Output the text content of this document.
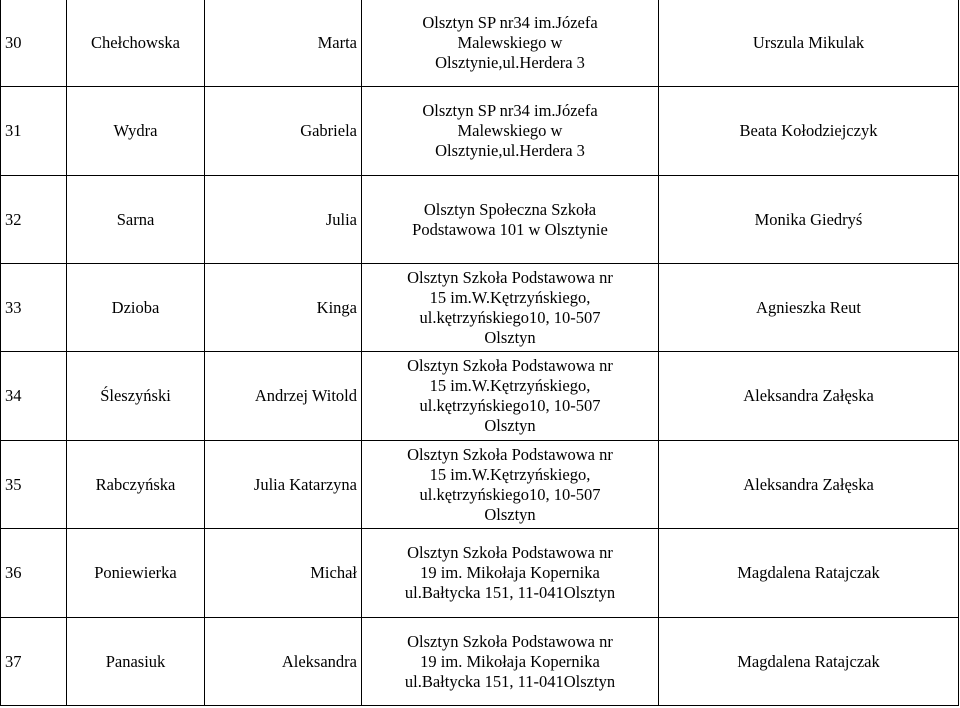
30	Chełchowska	Marta	Olsztyn SP nr34 im.Józefa Malewskiego w Olsztynie,ul.Herdera 3	Urszula Mikulak
31	Wydra	Gabriela	Olsztyn SP nr34 im.Józefa Malewskiego w Olsztynie,ul.Herdera 3	Beata Kołodziejczyk
32	Sarna	Julia	Olsztyn Społeczna Szkoła Podstawowa 101 w Olsztynie	Monika Giedryś
33	Dzioba	Kinga	Olsztyn Szkoła Podstawowa nr 15 im.W.Kętrzyńskiego, ul.kętrzyńskiego10, 10-507 Olsztyn	Agnieszka Reut
34	Śleszyński	Andrzej Witold	Olsztyn Szkoła Podstawowa nr 15 im.W.Kętrzyńskiego, ul.kętrzyńskiego10, 10-507 Olsztyn	Aleksandra Załęska
35	Rabczyńska	Julia Katarzyna	Olsztyn Szkoła Podstawowa nr 15 im.W.Kętrzyńskiego, ul.kętrzyńskiego10, 10-507 Olsztyn	Aleksandra Załęska
36	Poniewierka	Michał	Olsztyn Szkoła Podstawowa nr 19 im. Mikołaja Kopernika ul.Bałtycka 151, 11-041Olsztyn	Magdalena Ratajczak
37	Panasiuk	Aleksandra	Olsztyn Szkoła Podstawowa nr 19 im. Mikołaja Kopernika ul.Bałtycka 151, 11-041Olsztyn	Magdalena Ratajczak
